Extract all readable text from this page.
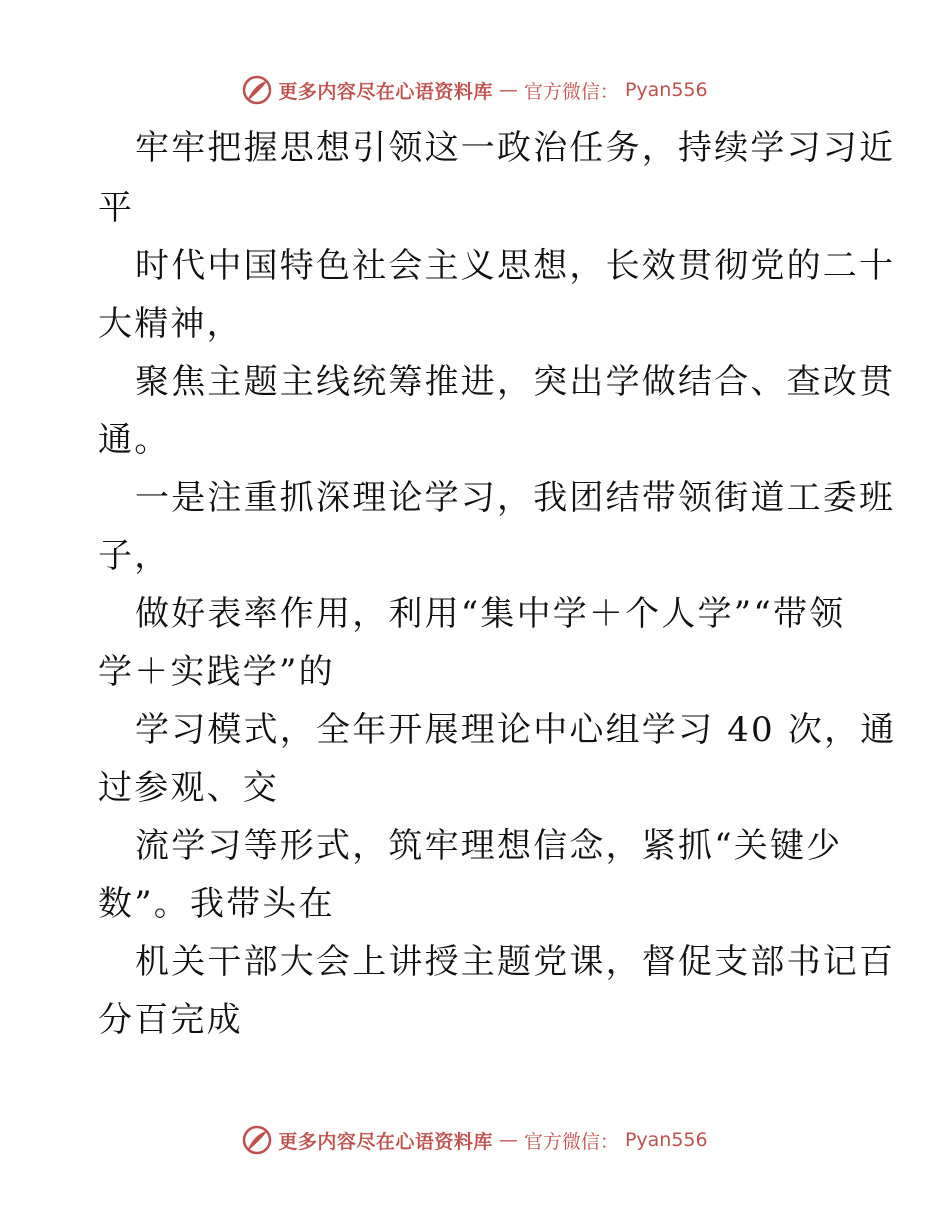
更多内容尽在心语资料库 — 官方微信： Pyan556
牢牢把握思想引领这一政治任务，持续学习习近
平
时代中国特色社会主义思想，长效贯彻党的二十
大精神，
聚焦主题主线统筹推进，突出学做结合、查改贯
通。
一是注重抓深理论学习，我团结带领街道工委班
子，
做好表率作用，利用“集中学＋个人学”“带领
学＋实践学”的
学习模式，全年开展理论中心组学习 40 次，通
过参观、交
流学习等形式，筑牢理想信念，紧抓“关键少
数”。我带头在
机关干部大会上讲授主题党课，督促支部书记百
分百完成
更多内容尽在心语资料库 — 官方微信： Pyan556
